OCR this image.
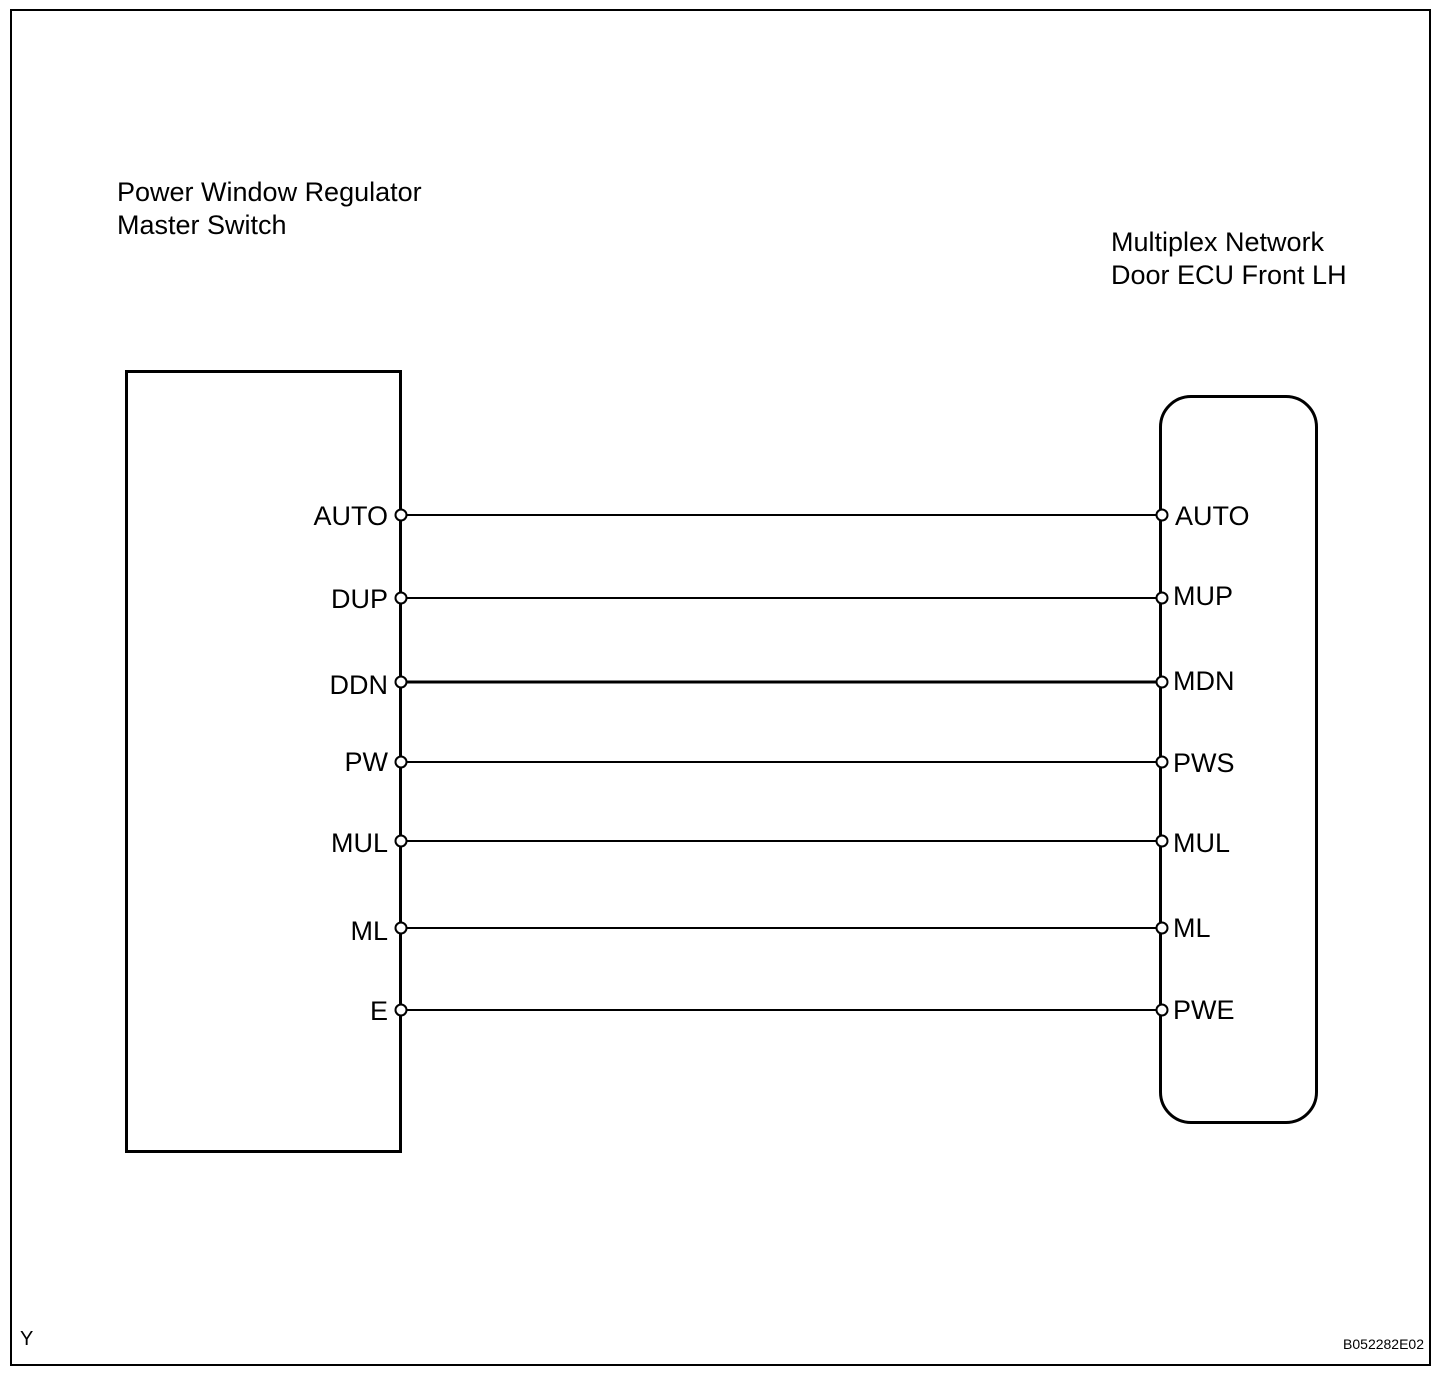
Power Window Regulator
Master Switch
Multiplex Network
Door ECU Front LH
AUTO	AUTO
DUP	MUP
DDN	MDN
PW	PWS
MUL	MUL
ML	ML
E	PWE
Y	B052282E02
